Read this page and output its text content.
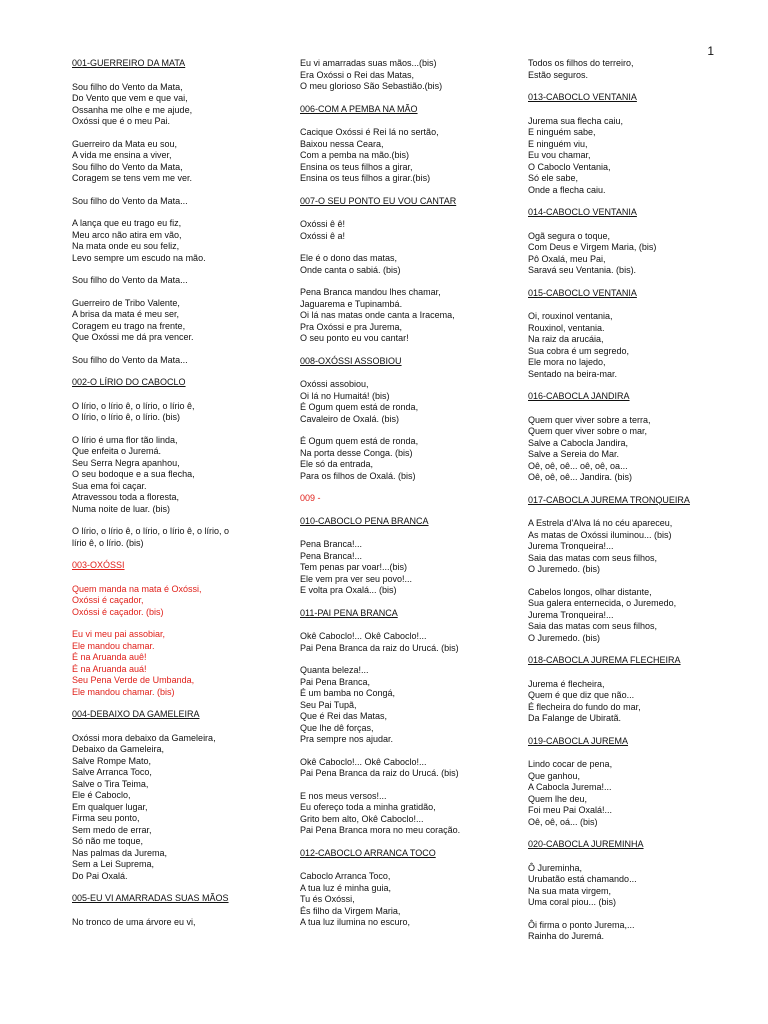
1
001-GUERREIRO DA MATA
Sou filho do Vento da Mata,
Do Vento que vem e que vai,
Ossanha me olhe e me ajude,
Oxóssi que é o meu Pai.
Guerreiro da Mata eu sou,
A vida me ensina a viver,
Sou filho do Vento da Mata,
Coragem se tens vem me ver.
Sou filho do Vento da Mata...
A lança que eu trago eu fiz,
Meu arco não atira em vão,
Na mata onde eu sou feliz,
Levo sempre um escudo na mão.
Sou filho do Vento da Mata...
Guerreiro de Tribo Valente,
A brisa da mata é meu ser,
Coragem eu trago na frente,
Que Oxóssi me dá pra vencer.
Sou filho do Vento da Mata...
002-O LÍRIO DO CABOCLO
O lírio, o lírio ê, o lírio, o lírio ê,
O lírio, o lírio ê, o lírio. (bis)
O lírio é uma flor tão linda,
Que enfeita o Juremá.
Seu Serra Negra apanhou,
O seu bodoque e a sua flecha,
Sua ema foi caçar.
Atravessou toda a floresta,
Numa noite de luar. (bis)
O lírio, o lírio ê, o lírio, o lírio ê, o lírio, o
lírio ê, o lírio. (bis)
003-OXÓSSI
Quem manda na mata é Oxóssi,
Oxóssi é caçador,
Oxóssi é caçador. (bis)
Eu vi meu pai assobiar,
Ele mandou chamar.
É na Aruanda auê!
É na Aruanda auá!
Seu Pena Verde de Umbanda,
Ele mandou chamar. (bis)
004-DEBAIXO DA GAMELEIRA
Oxóssi mora debaixo da Gameleira,
Debaixo da Gameleira,
Salve Rompe Mato,
Salve Arranca Toco,
Salve o Tira Teima,
Ele é Caboclo,
Em qualquer lugar,
Firma seu ponto,
Sem medo de errar,
Só não me toque,
Nas palmas da Jurema,
Sem a Lei Suprema,
Do Pai Oxalá.
005-EU VI AMARRADAS SUAS MÃOS
No tronco de uma árvore eu vi,
Eu vi amarradas suas mãos...(bis)
Era Oxóssi o Rei das Matas,
O meu glorioso São Sebastião.(bis)
006-COM A PEMBA NA MÃO
Cacique Oxóssi é Rei lá no sertão,
Baixou nessa Ceara,
Com a pemba na mão.(bis)
Ensina os teus filhos a girar,
Ensina os teus filhos a girar.(bis)
007-O SEU PONTO EU VOU CANTAR
Oxóssi ê ê!
Oxóssi ê a!
Ele é o dono das matas,
Onde canta o sabiá. (bis)
Pena Branca mandou lhes chamar,
Jaguarema e Tupinambá.
Oi lá nas matas onde canta a Iracema,
Pra Oxóssi e pra Jurema,
O seu ponto eu vou cantar!
008-OXÓSSI ASSOBIOU
Oxóssi assobiou,
Oi lá no Humaitá! (bis)
É Ogum quem está de ronda,
Cavaleiro de Oxalá. (bis)
É Ogum quem está de ronda,
Na porta desse Conga. (bis)
Ele só da entrada,
Para os filhos de Oxalá. (bis)
009 -
010-CABOCLO PENA BRANCA
Pena Branca!...
Pena Branca!...
Tem penas par voar!...(bis)
Ele vem pra ver seu povo!...
E volta pra Oxalá... (bis)
011-PAI PENA BRANCA
Okê Caboclo!... Okê Caboclo!...
Pai Pena Branca da raiz do Urucá. (bis)
Quanta beleza!...
Pai Pena Branca,
É um bamba no Congá,
Seu Pai Tupã,
Que é Rei das Matas,
Que lhe dê forças,
Pra sempre nos ajudar.
Okê Caboclo!... Okê Caboclo!...
Pai Pena Branca da raiz do Urucá. (bis)
E nos meus versos!...
Eu ofereço toda a minha gratidão,
Grito bem alto, Okê Caboclo!...
Pai Pena Branca mora no meu coração.
012-CABOCLO ARRANCA TOCO
Caboclo Arranca Toco,
A tua luz é minha guia,
Tu és Oxóssi,
És filho da Virgem Maria,
A tua luz ilumina no escuro,
Todos os filhos do terreiro,
Estão seguros.
013-CABOCLO VENTANIA
Jurema sua flecha caiu,
E ninguém sabe,
E ninguém viu,
Eu vou chamar,
O Caboclo Ventania,
Só ele sabe,
Onde a flecha caiu.
014-CABOCLO VENTANIA
Ogã segura o toque,
Com Deus e Virgem Maria, (bis)
Pô Oxalá, meu Pai,
Saravá seu Ventania. (bis).
015-CABOCLO VENTANIA
Oi, rouxinol ventania,
Rouxinol, ventania.
Na raiz da arucáia,
Sua cobra é um segredo,
Ele mora no lajedo,
Sentado na beira-mar.
016-CABOCLA JANDIRA
Quem quer viver sobre a terra,
Quem quer viver sobre o mar,
Salve a Cabocla Jandira,
Salve a Sereia do Mar.
Oê, oê, oê... oê, oê, oa...
Oê, oê, oê... Jandira. (bis)
017-CABOCLA JUREMA TRONQUEIRA
A Estrela d'Alva lá no céu apareceu,
As matas de Oxóssi iluminou... (bis)
Jurema Tronqueira!...
Saia das matas com seus filhos,
O Juremedo. (bis)
Cabelos longos, olhar distante,
Sua galera enternecida, o Juremedo,
Jurema Tronqueira!...
Saia das matas com seus filhos,
O Juremedo. (bis)
018-CABOCLA JUREMA FLECHEIRA
Jurema é flecheira,
Quem é que diz que não...
É flecheira do fundo do mar,
Da Falange de Ubiratã.
019-CABOCLA JUREMA
Lindo cocar de pena,
Que ganhou,
A Cabocla Jurema!...
Quem lhe deu,
Foi meu Pai Oxalá!...
Oê, oê, oá... (bis)
020-CABOCLA JUREMINHA
Ô Jureminha,
Urubatão está chamando...
Na sua mata virgem,
Uma coral piou... (bis)
Ôi firma o ponto Jurema,...
Rainha do Juremá.
